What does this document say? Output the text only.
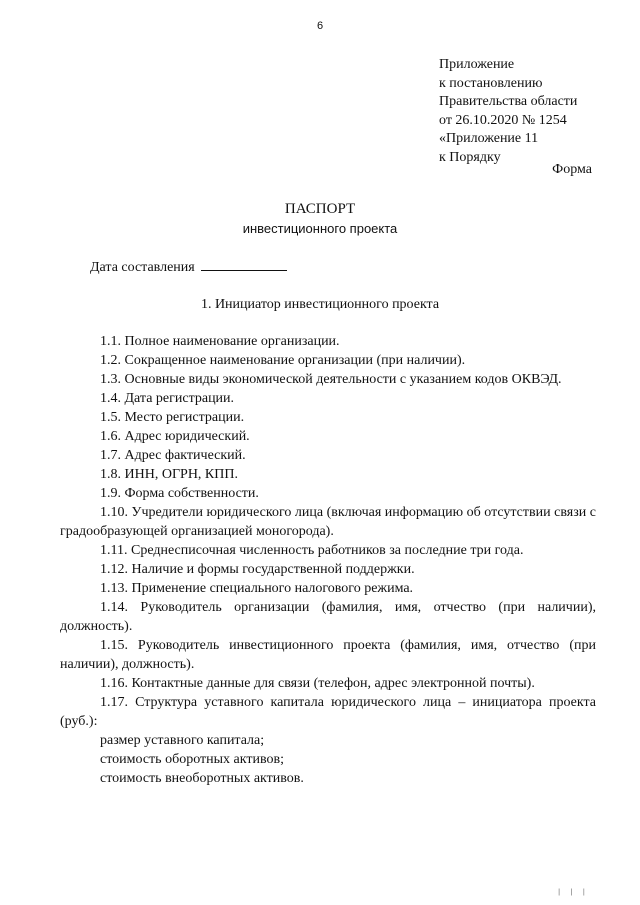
6
Приложение
к постановлению
Правительства области
от 26.10.2020 № 1254
«Приложение 11
к Порядку
Форма
ПАСПОРТ
инвестиционного проекта
Дата составления
1. Инициатор инвестиционного проекта
1.1. Полное наименование организации.
1.2. Сокращенное наименование организации (при наличии).
1.3. Основные виды экономической деятельности с указанием кодов ОКВЭД.
1.4. Дата регистрации.
1.5. Место регистрации.
1.6. Адрес юридический.
1.7. Адрес фактический.
1.8. ИНН, ОГРН, КПП.
1.9. Форма собственности.
1.10. Учредители юридического лица (включая информацию об отсутствии связи с градообразующей организацией моногорода).
1.11. Среднесписочная численность работников за последние три года.
1.12. Наличие и формы государственной поддержки.
1.13. Применение специального налогового режима.
1.14. Руководитель организации (фамилия, имя, отчество (при наличии), должность).
1.15. Руководитель инвестиционного проекта (фамилия, имя, отчество (при наличии), должность).
1.16. Контактные данные для связи (телефон, адрес электронной почты).
1.17. Структура уставного капитала юридического лица – инициатора проекта (руб.):
размер уставного капитала;
стоимость оборотных активов;
стоимость внеоборотных активов.
| | |
